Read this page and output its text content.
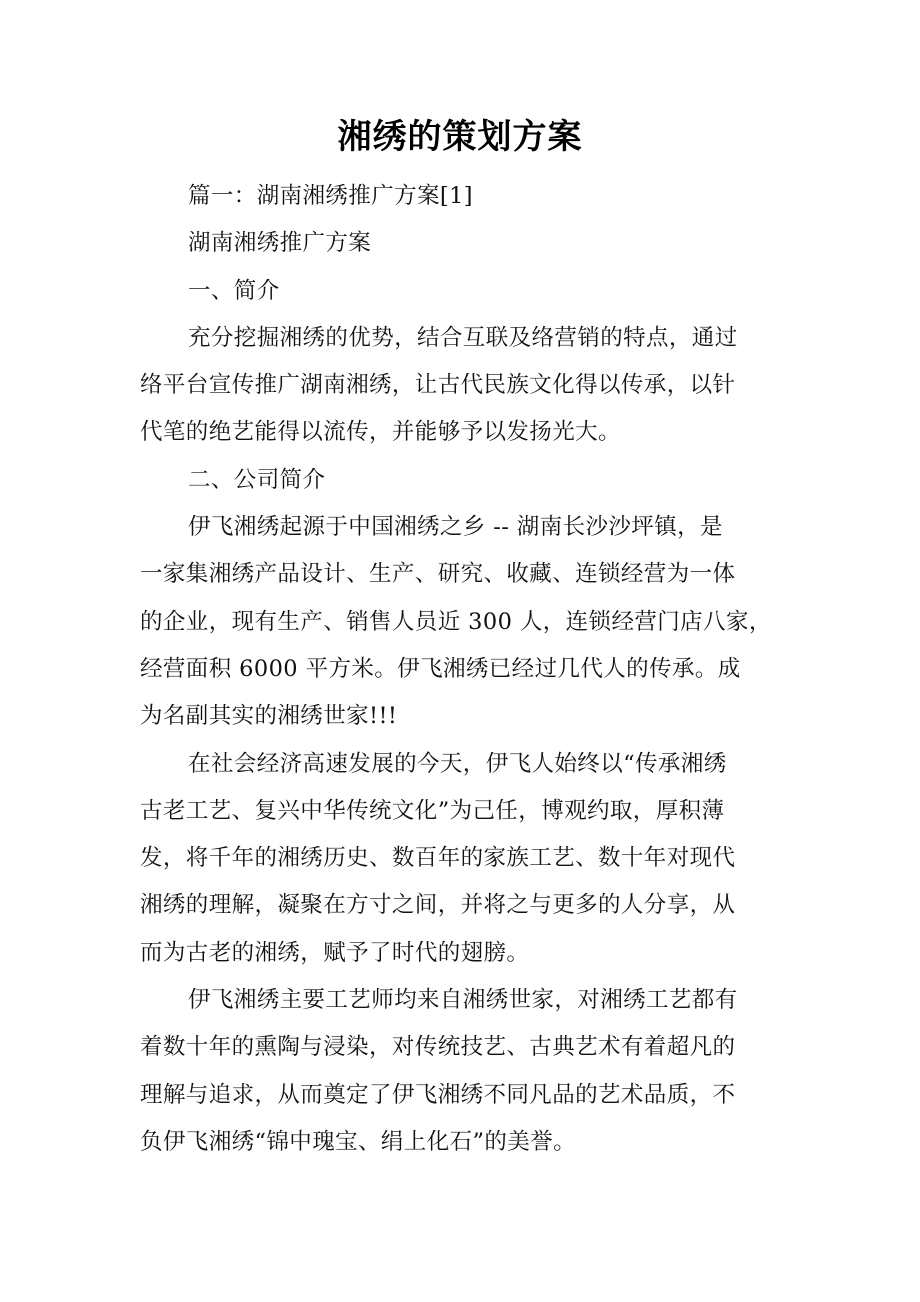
湘绣的策划方案
篇一：湖南湘绣推广方案[1]
湖南湘绣推广方案
一、简介
充分挖掘湘绣的优势，结合互联及络营销的特点，通过
络平台宣传推广湖南湘绣，让古代民族文化得以传承，以针
代笔的绝艺能得以流传，并能够予以发扬光大。
二、公司简介
伊飞湘绣起源于中国湘绣之乡 -- 湖南长沙沙坪镇，是
一家集湘绣产品设计、生产、研究、收藏、连锁经营为一体
的企业，现有生产、销售人员近 300 人，连锁经营门店八家，
经营面积 6000 平方米。伊飞湘绣已经过几代人的传承。成
为名副其实的湘绣世家!!!
在社会经济高速发展的今天，伊飞人始终以“传承湘绣
古老工艺、复兴中华传统文化”为己任，博观约取，厚积薄
发，将千年的湘绣历史、数百年的家族工艺、数十年对现代
湘绣的理解，凝聚在方寸之间，并将之与更多的人分享，从
而为古老的湘绣，赋予了时代的翅膀。
伊飞湘绣主要工艺师均来自湘绣世家，对湘绣工艺都有
着数十年的熏陶与浸染，对传统技艺、古典艺术有着超凡的
理解与追求，从而奠定了伊飞湘绣不同凡品的艺术品质，不
负伊飞湘绣“锦中瑰宝、绢上化石”的美誉。
